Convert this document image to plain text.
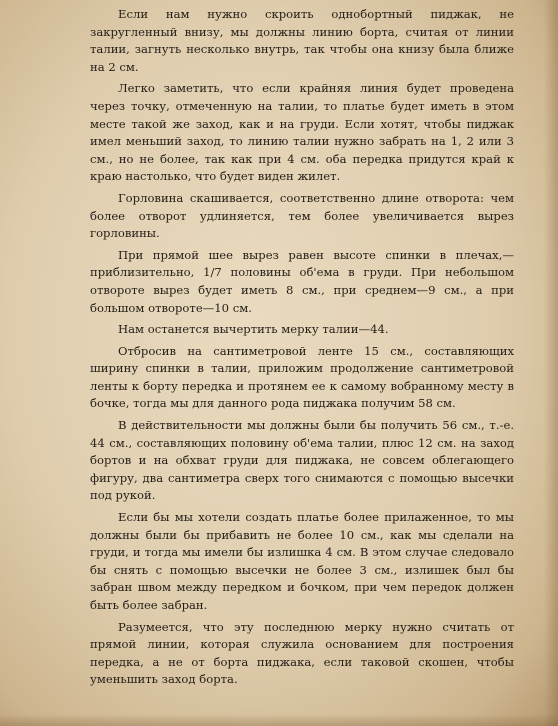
Если нам нужно скроить однобортный пиджак, не закругленный внизу, мы должны линию борта, считая от линии талии, загнуть несколько внутрь, так чтобы она книзу была ближе на 2 см.

Легко заметить, что если крайняя линия будет проведена через точку, отмеченную на талии, то платье будет иметь в этом месте такой же заход, как и на груди. Если хотят, чтобы пиджак имел меньший заход, то линию талии нужно забрать на 1, 2 или 3 см., но не более, так как при 4 см. оба передка придутся край к краю настолько, что будет виден жилет.

Горловина скашивается, соответственно длине отворота: чем более отворот удлиняется, тем более увеличивается вырез горловины.

При прямой шее вырез равен высоте спинки в плечах,—приблизительно, 1/7 половины об'ема в груди. При небольшом отвороте вырез будет иметь 8 см., при среднем—9 см., а при большом отвороте—10 см.

Нам останется вычертить мерку талии—44.

Отбросив на сантиметровой ленте 15 см., составляющих ширину спинки в талии, приложим продолжение сантиметровой ленты к борту передка и протянем ее к самому вобранному месту в бочке, тогда мы для данного рода пиджака получим 58 см.

В действительности мы должны были бы получить 56 см., т.-е. 44 см., составляющих половину об'ема талии, плюс 12 см. на заход бортов и на обхват груди для пиджака, не совсем облегающего фигуру, два сантиметра сверх того снимаются с помощью высечки под рукой.

Если бы мы хотели создать платье более прилаженное, то мы должны были бы прибавить не более 10 см., как мы сделали на груди, и тогда мы имели бы излишка 4 см. В этом случае следовало бы снять с помощью высечки не более 3 см., излишек был бы забран швом между передком и бочком, при чем передок должен быть более забран.

Разумеется, что эту последнюю мерку нужно считать от прямой линии, которая служила основанием для построения передка, а не от борта пиджака, если таковой скошен, чтобы уменьшить заход борта.
